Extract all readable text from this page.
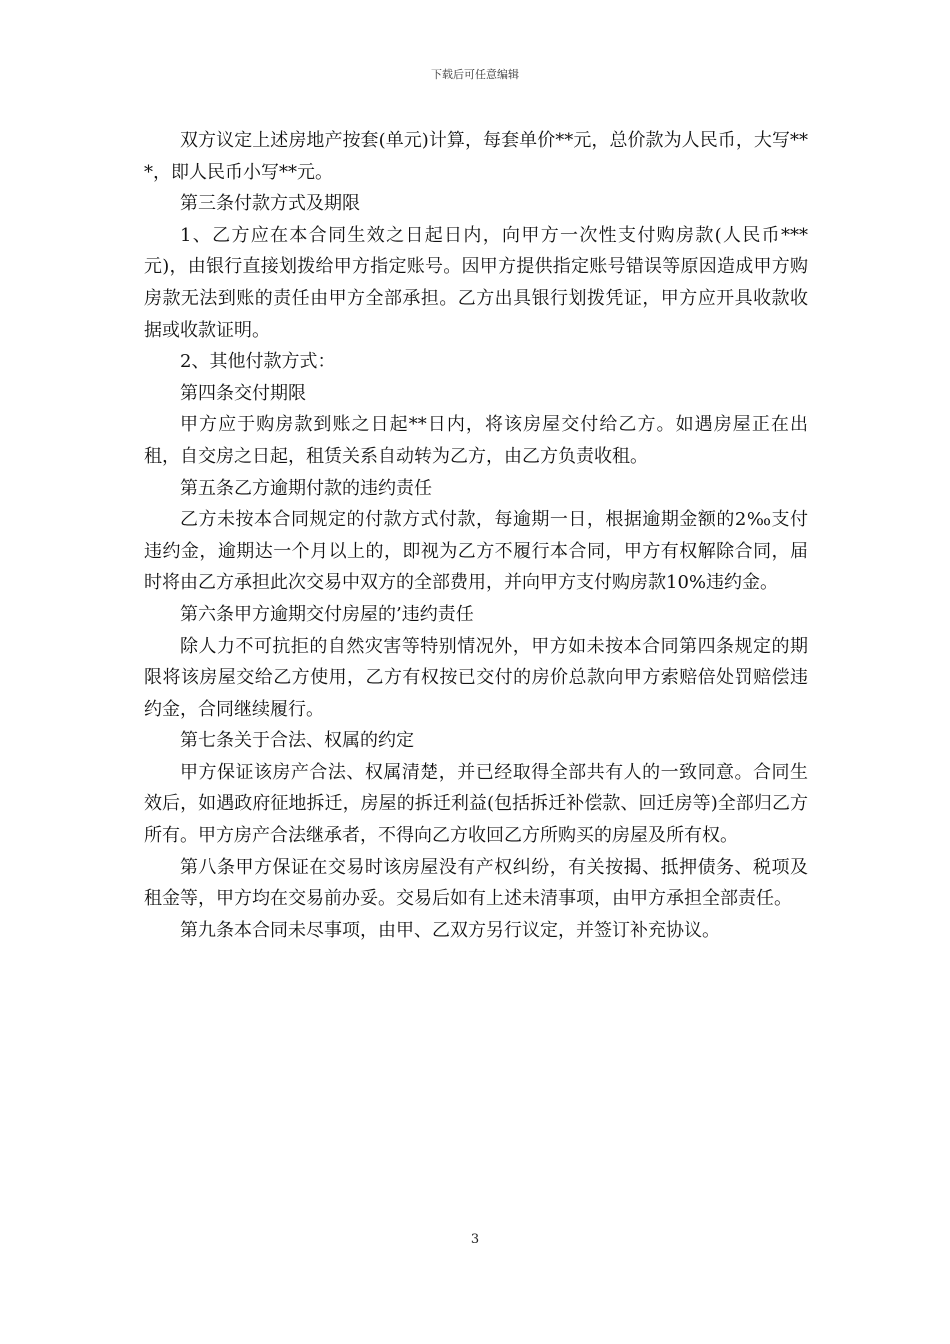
下载后可任意编辑

双方议定上述房地产按套(单元)计算，每套单价**元，总价款为人民币，大写***，即人民币小写**元。

第三条付款方式及期限

1、乙方应在本合同生效之日起日内，向甲方一次性支付购房款(人民币***元)，由银行直接划拨给甲方指定账号。因甲方提供指定账号错误等原因造成甲方购房款无法到账的责任由甲方全部承担。乙方出具银行划拨凭证，甲方应开具收款收据或收款证明。

2、其他付款方式：

第四条交付期限

甲方应于购房款到账之日起**日内，将该房屋交付给乙方。如遇房屋正在出租，自交房之日起，租赁关系自动转为乙方，由乙方负责收租。

第五条乙方逾期付款的违约责任

乙方未按本合同规定的付款方式付款，每逾期一日，根据逾期金额的2‰支付违约金，逾期达一个月以上的，即视为乙方不履行本合同，甲方有权解除合同，届时将由乙方承担此次交易中双方的全部费用，并向甲方支付购房款10%违约金。

第六条甲方逾期交付房屋的’违约责任

除人力不可抗拒的自然灾害等特别情况外，甲方如未按本合同第四条规定的期限将该房屋交给乙方使用，乙方有权按已交付的房价总款向甲方索赔倍处罚赔偿违约金，合同继续履行。

第七条关于合法、权属的约定

甲方保证该房产合法、权属清楚，并已经取得全部共有人的一致同意。合同生效后，如遇政府征地拆迁，房屋的拆迁利益(包括拆迁补偿款、回迁房等)全部归乙方所有。甲方房产合法继承者，不得向乙方收回乙方所购买的房屋及所有权。

第八条甲方保证在交易时该房屋没有产权纠纷，有关按揭、抵押债务、税项及租金等，甲方均在交易前办妥。交易后如有上述未清事项，由甲方承担全部责任。

第九条本合同未尽事项，由甲、乙双方另行议定，并签订补充协议。

3
